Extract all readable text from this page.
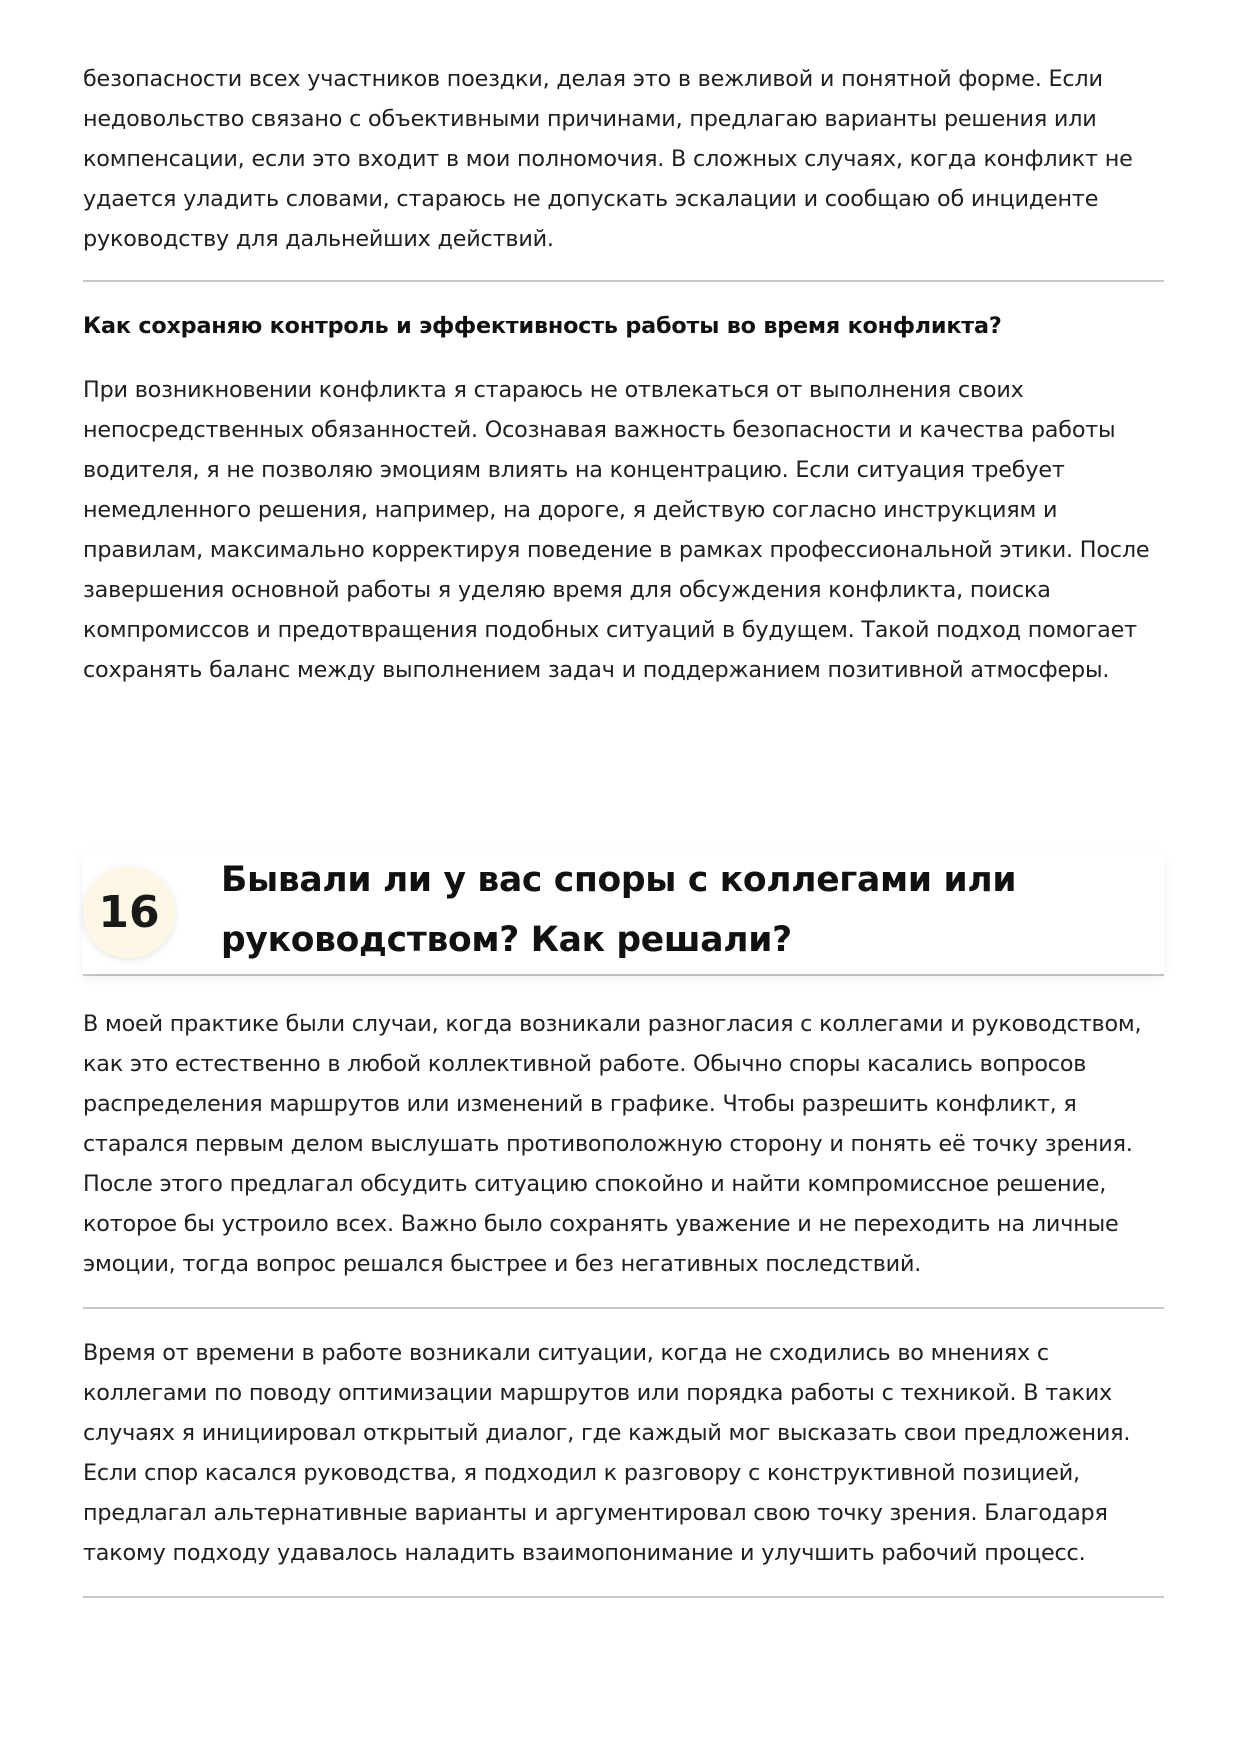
безопасности всех участников поездки, делая это в вежливой и понятной форме. Если недовольство связано с объективными причинами, предлагаю варианты решения или компенсации, если это входит в мои полномочия. В сложных случаях, когда конфликт не удается уладить словами, стараюсь не допускать эскалации и сообщаю об инциденте руководству для дальнейших действий.

Как сохраняю контроль и эффективность работы во время конфликта?

При возникновении конфликта я стараюсь не отвлекаться от выполнения своих непосредственных обязанностей. Осознавая важность безопасности и качества работы водителя, я не позволяю эмоциям влиять на концентрацию. Если ситуация требует немедленного решения, например, на дороге, я действую согласно инструкциям и правилам, максимально корректируя поведение в рамках профессиональной этики. После завершения основной работы я уделяю время для обсуждения конфликта, поиска компромиссов и предотвращения подобных ситуаций в будущем. Такой подход помогает сохранять баланс между выполнением задач и поддержанием позитивной атмосферы.

16
Бывали ли у вас споры с коллегами или руководством? Как решали?

В моей практике были случаи, когда возникали разногласия с коллегами и руководством, как это естественно в любой коллективной работе. Обычно споры касались вопросов распределения маршрутов или изменений в графике. Чтобы разрешить конфликт, я старался первым делом выслушать противоположную сторону и понять её точку зрения. После этого предлагал обсудить ситуацию спокойно и найти компромиссное решение, которое бы устроило всех. Важно было сохранять уважение и не переходить на личные эмоции, тогда вопрос решался быстрее и без негативных последствий.

Время от времени в работе возникали ситуации, когда не сходились во мнениях с коллегами по поводу оптимизации маршрутов или порядка работы с техникой. В таких случаях я инициировал открытый диалог, где каждый мог высказать свои предложения. Если спор касался руководства, я подходил к разговору с конструктивной позицией, предлагал альтернативные варианты и аргументировал свою точку зрения. Благодаря такому подходу удавалось наладить взаимопонимание и улучшить рабочий процесс.
